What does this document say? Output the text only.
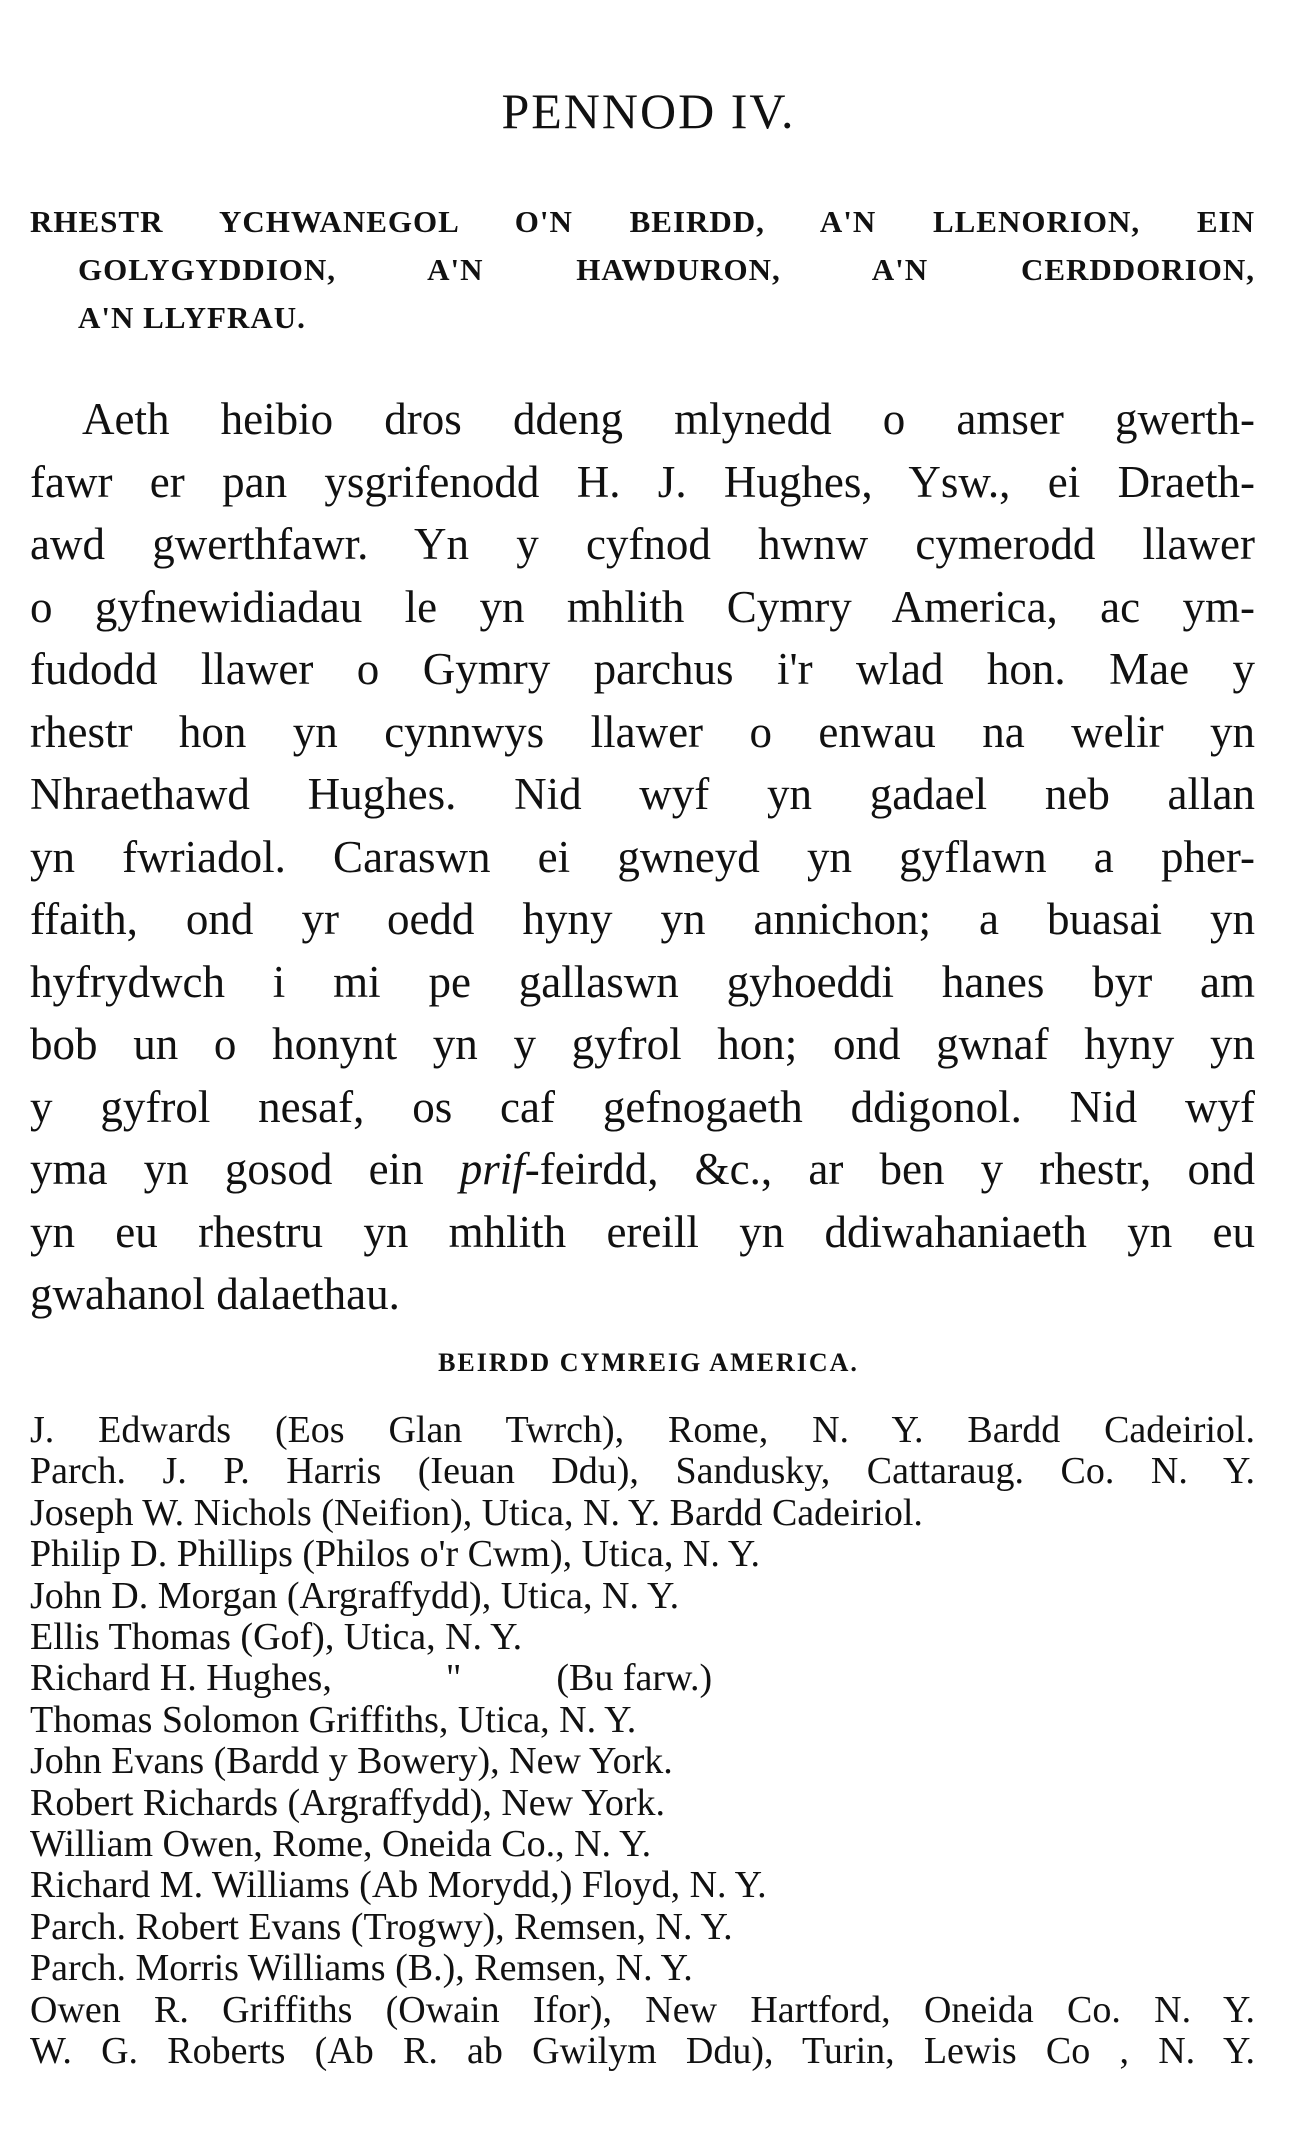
PENNOD IV.
RHESTR YCHWANEGOL O'N BEIRDD, A'N LLENORION, EIN
GOLYGYDDION, A'N HAWDURON, A'N CERDDORION,
A'N LLYFRAU.

Aeth heibio dros ddeng mlynedd o amser gwerth-
fawr er pan ysgrifenodd H. J. Hughes, Ysw., ei Draeth-
awd gwerthfawr. Yn y cyfnod hwnw cymerodd llawer
o gyfnewidiadau le yn mhlith Cymry America, ac ym-
fudodd llawer o Gymry parchus i'r wlad hon. Mae y
rhestr hon yn cynnwys llawer o enwau na welir yn
Nhraethawd Hughes. Nid wyf yn gadael neb allan
yn fwriadol. Caraswn ei gwneyd yn gyflawn a pher-
ffaith, ond yr oedd hyny yn annichon; a buasai yn
hyfrydwch i mi pe gallaswn gyhoeddi hanes byr am
bob un o honynt yn y gyfrol hon; ond gwnaf hyny yn
y gyfrol nesaf, os caf gefnogaeth ddigonol. Nid wyf
yma yn gosod ein prif-feirdd, &c., ar ben y rhestr, ond
yn eu rhestru yn mhlith ereill yn ddiwahaniaeth yn eu
gwahanol dalaethau.

BEIRDD CYMREIG AMERICA.
J. Edwards (Eos Glan Twrch), Rome, N. Y. Bardd Cadeiriol.
Parch. J. P. Harris (Ieuan Ddu), Sandusky, Cattaraug. Co. N. Y.
Joseph W. Nichols (Neifion), Utica, N. Y. Bardd Cadeiriol.
Philip D. Phillips (Philos o'r Cwm), Utica, N. Y.
John D. Morgan (Argraffydd), Utica, N. Y.
Ellis Thomas (Gof), Utica, N. Y.
Richard H. Hughes,            "          (Bu farw.)
Thomas Solomon Griffiths, Utica, N. Y.
John Evans (Bardd y Bowery), New York.
Robert Richards (Argraffydd), New York.
William Owen, Rome, Oneida Co., N. Y.
Richard M. Williams (Ab Morydd,) Floyd, N. Y.
Parch. Robert Evans (Trogwy), Remsen, N. Y.
Parch. Morris Williams (B.), Remsen, N. Y.
Owen R. Griffiths (Owain Ifor), New Hartford, Oneida Co. N. Y.
W. G. Roberts (Ab R. ab Gwilym Ddu), Turin, Lewis Co , N. Y.
